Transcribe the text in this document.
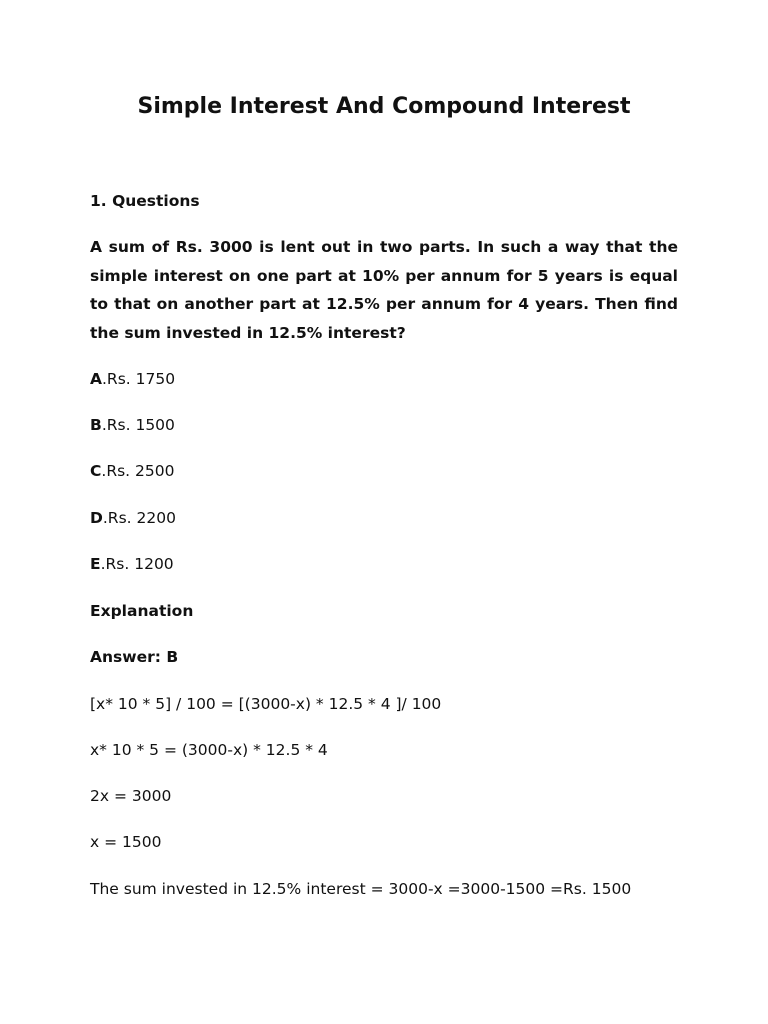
Simple Interest And Compound Interest

1. Questions

A sum of Rs. 3000 is lent out in two parts. In such a way that the simple interest on one part at 10% per annum for 5 years is equal to that on another part at 12.5% per annum for 4 years. Then find the sum invested in 12.5% interest?

A.Rs. 1750

B.Rs. 1500

C.Rs. 2500

D.Rs. 2200

E.Rs. 1200

Explanation

Answer: B

[x* 10 * 5] / 100 = [(3000-x) * 12.5 * 4 ]/ 100

x* 10 * 5 = (3000-x) * 12.5 * 4

2x = 3000

x = 1500

The sum invested in 12.5% interest = 3000-x =3000-1500 =Rs. 1500
